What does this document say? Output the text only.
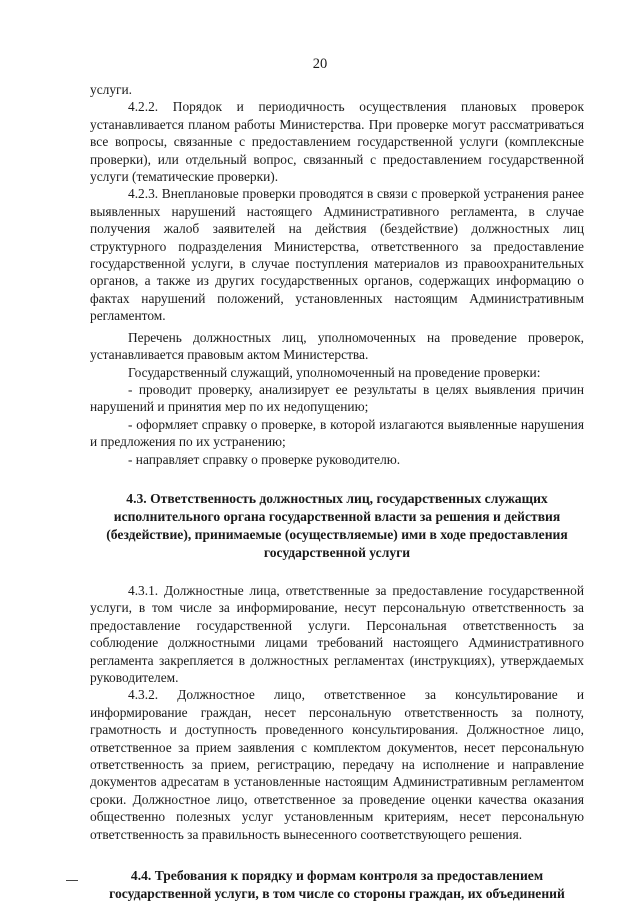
20

услуги.

4.2.2. Порядок и периодичность осуществления плановых проверок устанавливается планом работы Министерства. При проверке могут рассматриваться все вопросы, связанные с предоставлением государственной услуги (комплексные проверки), или отдельный вопрос, связанный с предоставлением государственной услуги (тематические проверки).

4.2.3. Внеплановые проверки проводятся в связи с проверкой устранения ранее выявленных нарушений настоящего Административного регламента, в случае получения жалоб заявителей на действия (бездействие) должностных лиц структурного подразделения Министерства, ответственного за предоставление государственной услуги, в случае поступления материалов из правоохранительных органов, а также из других государственных органов, содержащих информацию о фактах нарушений положений, установленных настоящим Административным регламентом.

Перечень должностных лиц, уполномоченных на проведение проверок, устанавливается правовым актом Министерства.

Государственный служащий, уполномоченный на проведение проверки:

- проводит проверку, анализирует ее результаты в целях выявления причин нарушений и принятия мер по их недопущению;

- оформляет справку о проверке, в которой излагаются выявленные нарушения и предложения по их устранению;

- направляет справку о проверке руководителю.

4.3. Ответственность должностных лиц, государственных служащих исполнительного органа государственной власти за решения и действия (бездействие), принимаемые (осуществляемые) ими в ходе предоставления государственной услуги

4.3.1. Должностные лица, ответственные за предоставление государственной услуги, в том числе за информирование, несут персональную ответственность за предоставление государственной услуги. Персональная ответственность за соблюдение должностными лицами требований настоящего Административного регламента закрепляется в должностных регламентах (инструкциях), утверждаемых руководителем.

4.3.2. Должностное лицо, ответственное за консультирование и информирование граждан, несет персональную ответственность за полноту, грамотность и доступность проведенного консультирования. Должностное лицо, ответственное за прием заявления с комплектом документов, несет персональную ответственность за прием, регистрацию, передачу на исполнение и направление документов адресатам в установленные настоящим Административным регламентом сроки. Должностное лицо, ответственное за проведение оценки качества оказания общественно полезных услуг установленным критериям, несет персональную ответственность за правильность вынесенного соответствующего решения.

4.4. Требования к порядку и формам контроля за предоставлением государственной услуги, в том числе со стороны граждан, их объединений
